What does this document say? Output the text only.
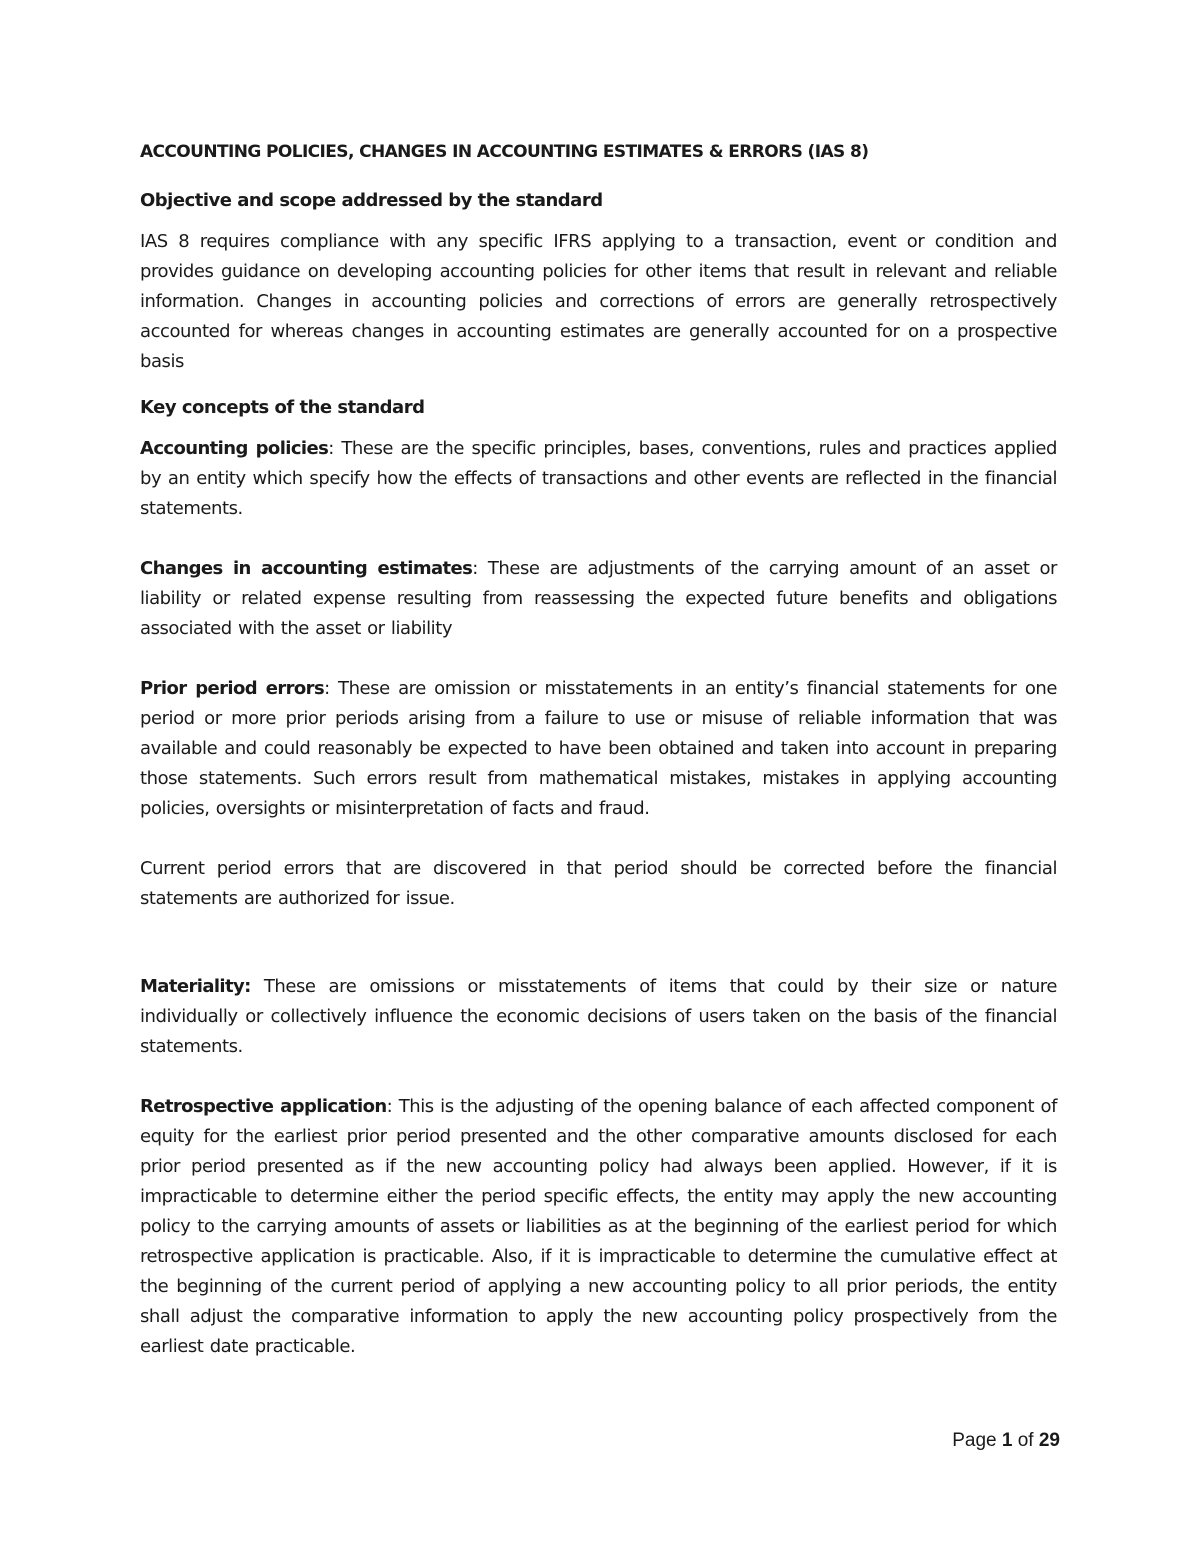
ACCOUNTING POLICIES, CHANGES IN ACCOUNTING ESTIMATES & ERRORS (IAS 8)
Objective and scope addressed by the standard

IAS 8 requires compliance with any specific IFRS applying to a transaction, event or condition and provides guidance on developing accounting policies for other items that result in relevant and reliable information. Changes in accounting policies and corrections of errors are generally retrospectively accounted for whereas changes in accounting estimates are generally accounted for on a prospective basis

Key concepts of the standard

Accounting policies: These are the specific principles, bases, conventions, rules and practices applied by an entity which specify how the effects of transactions and other events are reflected in the financial statements.

Changes in accounting estimates: These are adjustments of the carrying amount of an asset or liability or related expense resulting from reassessing the expected future benefits and obligations associated with the asset or liability

Prior period errors: These are omission or misstatements in an entity’s financial statements for one period or more prior periods arising from a failure to use or misuse of reliable information that was available and could reasonably be expected to have been obtained and taken into account in preparing those statements. Such errors result from mathematical mistakes, mistakes in applying accounting policies, oversights or misinterpretation of facts and fraud.

Current period errors that are discovered in that period should be corrected before the financial statements are authorized for issue.

Materiality: These are omissions or misstatements of items that could by their size or nature individually or collectively influence the economic decisions of users taken on the basis of the financial statements.

Retrospective application: This is the adjusting of the opening balance of each affected component of equity for the earliest prior period presented and the other comparative amounts disclosed for each prior period presented as if the new accounting policy had always been applied. However, if it is impracticable to determine either the period specific effects, the entity may apply the new accounting policy to the carrying amounts of assets or liabilities as at the beginning of the earliest period for which retrospective application is practicable. Also, if it is impracticable to determine the cumulative effect at the beginning of the current period of applying a new accounting policy to all prior periods, the entity shall adjust the comparative information to apply the new accounting policy prospectively from the earliest date practicable.

Page 1 of 29
